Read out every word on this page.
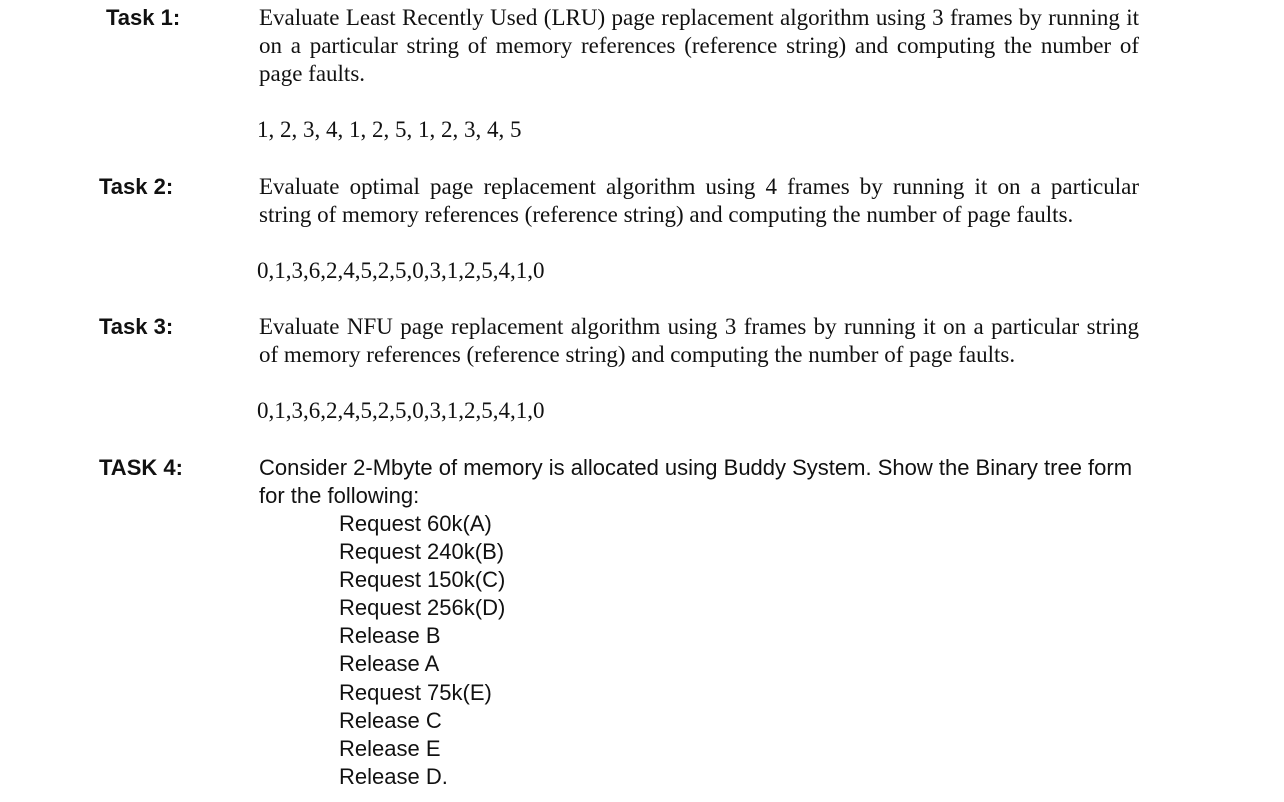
Task 1:	Evaluate Least Recently Used (LRU) page replacement algorithm using 3 frames by running it on a particular string of memory references (reference string) and computing the number of page faults.
1, 2, 3, 4, 1, 2, 5, 1, 2, 3, 4, 5
Task 2:	Evaluate optimal page replacement algorithm using 4 frames by running it on a particular string of memory references (reference string) and computing the number of page faults.
0,1,3,6,2,4,5,2,5,0,3,1,2,5,4,1,0
Task 3:	Evaluate NFU page replacement algorithm using 3 frames by running it on a particular string of memory references (reference string) and computing the number of page faults.
0,1,3,6,2,4,5,2,5,0,3,1,2,5,4,1,0
TASK 4:	Consider 2-Mbyte of memory is allocated using Buddy System. Show the Binary tree form for the following:
Request 60k(A)
Request 240k(B)
Request 150k(C)
Request 256k(D)
Release B
Release A
Request 75k(E)
Release C
Release E
Release D.
